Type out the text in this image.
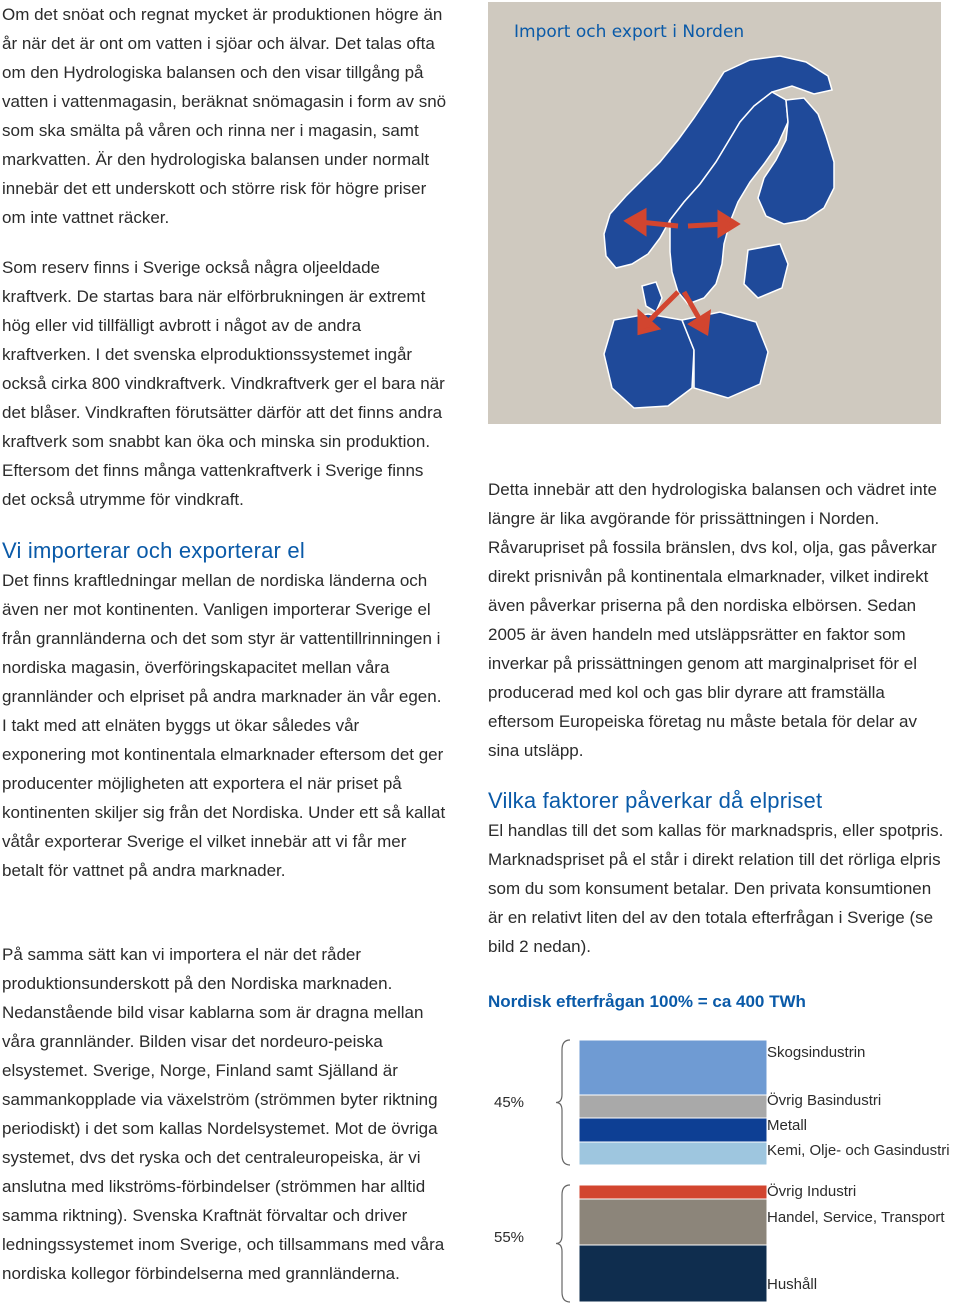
Om det snöat och regnat mycket är produktionen högre än år när det är ont om vatten i sjöar och älvar. Det talas ofta om den Hydrologiska balansen och den visar tillgång på vatten i vattenmagasin, beräknat snömagasin i form av snö som ska smälta på våren och rinna ner i magasin, samt markvatten. Är den hydrologiska balansen under normalt innebär det ett underskott och större risk för högre priser om inte vattnet räcker.

Som reserv finns i Sverige också några oljeeldade kraftverk. De startas bara när elförbrukningen är extremt hög eller vid tillfälligt avbrott i något av de andra kraftverken. I det svenska elproduktionssystemet ingår också cirka 800 vindkraftverk. Vindkraftverk ger el bara när det blåser. Vindkraften förutsätter därför att det finns andra kraftverk som snabbt kan öka och minska sin produktion. Eftersom det finns många vattenkraftverk i Sverige finns det också utrymme för vindkraft.

Vi importerar och exporterar el

Det finns kraftledningar mellan de nordiska länderna och även ner mot kontinenten. Vanligen importerar Sverige el från grannländerna och det som styr är vattentillrinningen i nordiska magasin, överföringskapacitet mellan våra grannländer och elpriset på andra marknader än vår egen. I takt med att elnäten byggs ut ökar således vår exponering mot kontinentala elmarknader eftersom det ger producenter möjligheten att exportera el när priset på kontinenten skiljer sig från det Nordiska. Under ett så kallat våtår exporterar Sverige el vilket innebär att vi får mer betalt för vattnet på andra marknader.

På samma sätt kan vi importera el när det råder produktionsunderskott på den Nordiska marknaden. Nedanstående bild visar kablarna som är dragna mellan våra grannländer. Bilden visar det nordeuro-peiska elsystemet. Sverige, Norge, Finland samt Själland är sammankopplade via växelström (strömmen byter riktning periodiskt) i det som kallas Nordelsystemet. Mot de övriga systemet, dvs det ryska och det centraleuropeiska, är vi anslutna med likströms-förbindelser (strömmen har alltid samma riktning). Svenska Kraftnät förvaltar och driver ledningssystemet inom Sverige, och tillsammans med våra nordiska kollegor förbindelserna med grannländerna.

Import och export i Norden

Detta innebär att den hydrologiska balansen och vädret inte längre är lika avgörande för prissättningen i Norden. Råvarupriset på fossila bränslen, dvs kol, olja, gas påverkar direkt prisnivån på kontinentala elmarknader, vilket indirekt även påverkar priserna på den nordiska elbörsen. Sedan 2005 är även handeln med utsläppsrätter en faktor som inverkar på prissättningen genom att marginalpriset för el producerad med kol och gas blir dyrare att framställa eftersom Europeiska företag nu måste betala för delar av sina utsläpp.

Vilka faktorer påverkar då elpriset

El handlas till det som kallas för marknadspris, eller spotpris. Marknadspriset på el står i direkt relation till det rörliga elpris som du som konsument betalar. Den privata konsumtionen är en relativt liten del av den totala efterfrågan i Sverige (se bild 2 nedan).

Nordisk efterfrågan 100% = ca 400 TWh
Skogsindustrin
Övrig Basindustri
Metall
Kemi, Olje- och Gasindustri
45%
Övrig Industri
Handel, Service, Transport
Hushåll
55%
